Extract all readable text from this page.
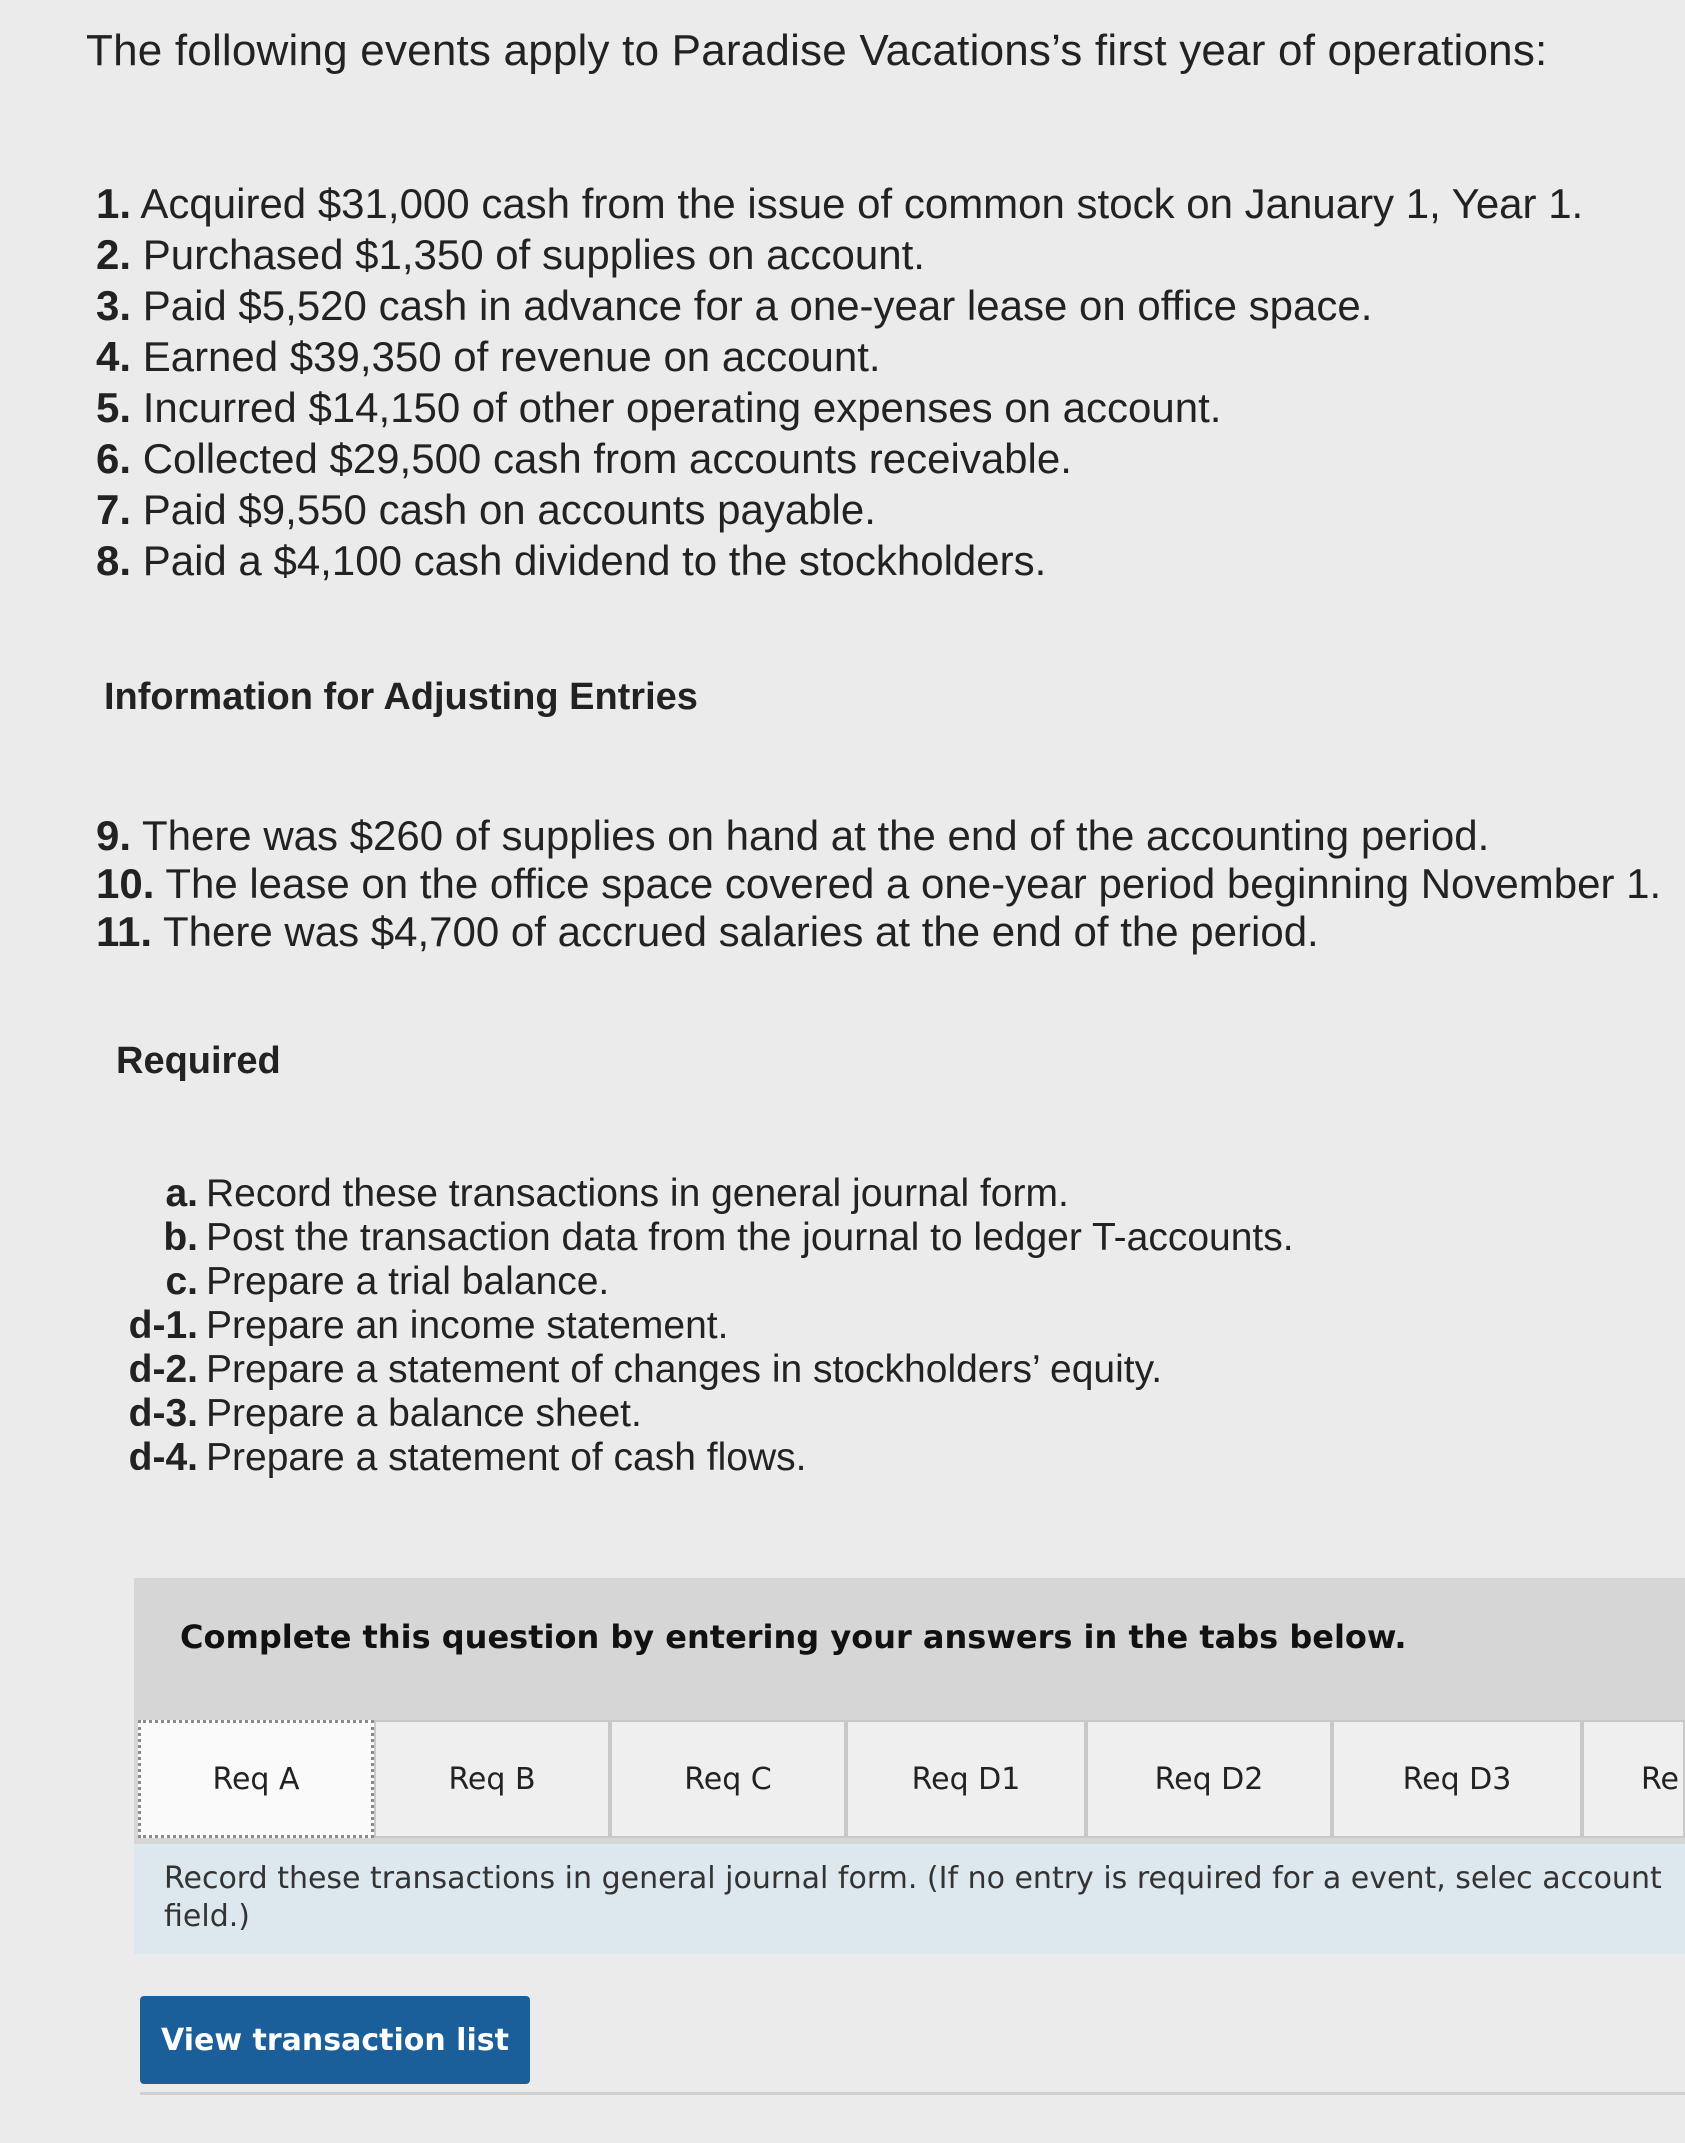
The following events apply to Paradise Vacations’s first year of operations:
1. Acquired $31,000 cash from the issue of common stock on January 1, Year 1.
2. Purchased $1,350 of supplies on account.
3. Paid $5,520 cash in advance for a one-year lease on office space.
4. Earned $39,350 of revenue on account.
5. Incurred $14,150 of other operating expenses on account.
6. Collected $29,500 cash from accounts receivable.
7. Paid $9,550 cash on accounts payable.
8. Paid a $4,100 cash dividend to the stockholders.
Information for Adjusting Entries
9. There was $260 of supplies on hand at the end of the accounting period.
10. The lease on the office space covered a one-year period beginning November 1.
11. There was $4,700 of accrued salaries at the end of the period.
Required
a. Record these transactions in general journal form.
b. Post the transaction data from the journal to ledger T-accounts.
c. Prepare a trial balance.
d-1. Prepare an income statement.
d-2. Prepare a statement of changes in stockholders’ equity.
d-3. Prepare a balance sheet.
d-4. Prepare a statement of cash flows.
Complete this question by entering your answers in the tabs below.
Req A	Req B	Req C	Req D1	Req D2	Req D3	Re
Record these transactions in general journal form. (If no entry is required for a event, selec account field.)
View transaction list
